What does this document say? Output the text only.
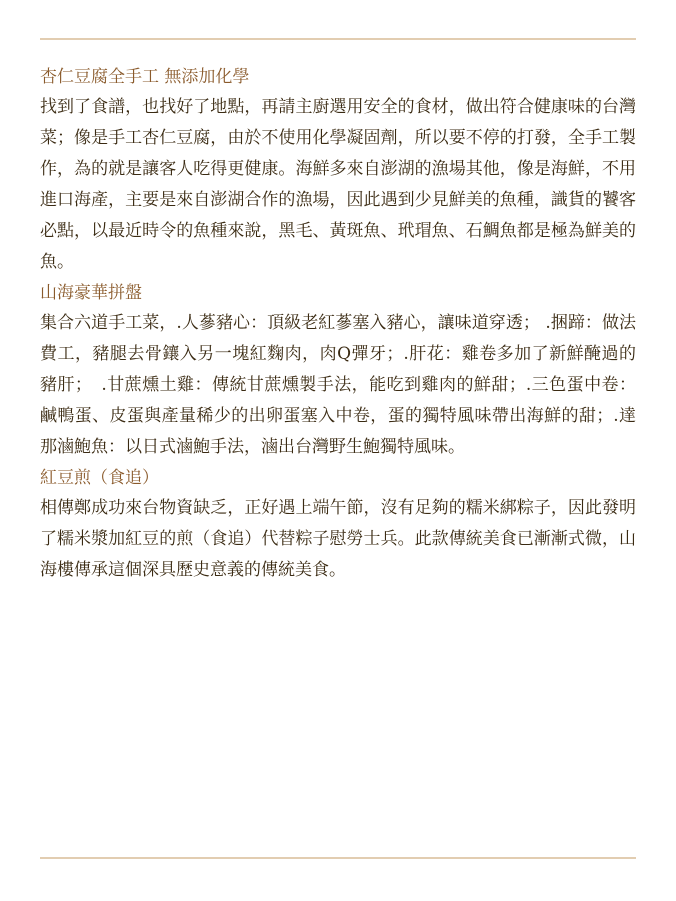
杏仁豆腐全手工 無添加化學

找到了食譜，也找好了地點，再請主廚選用安全的食材，做出符合健康味的台灣菜；像是手工杏仁豆腐，由於不使用化學凝固劑，所以要不停的打發，全手工製作，為的就是讓客人吃得更健康。海鮮多來自澎湖的漁場其他，像是海鮮，不用進口海產，主要是來自澎湖合作的漁場，因此遇到少見鮮美的魚種，識貨的饕客必點，以最近時令的魚種來說，黑毛、黃斑魚、玳瑁魚、石鯛魚都是極為鮮美的魚。

山海豪華拼盤

集合六道手工菜，.人蔘豬心：頂級老紅蔘塞入豬心，讓味道穿透； .捆蹄：做法費工，豬腿去骨鑲入另一塊紅麴肉，肉Q彈牙；.肝花：雞卷多加了新鮮醃過的豬肝；　.甘蔗燻土雞：傳統甘蔗燻製手法，能吃到雞肉的鮮甜；.三色蛋中卷：鹹鴨蛋、皮蛋與產量稀少的出卵蛋塞入中卷，蛋的獨特風味帶出海鮮的甜；.達那滷鮑魚：以日式滷鮑手法，滷出台灣野生鮑獨特風味。

紅豆煎（食追）

相傳鄭成功來台物資缺乏，正好遇上端午節，沒有足夠的糯米綁粽子，因此發明了糯米漿加紅豆的煎（食追）代替粽子慰勞士兵。此款傳統美食已漸漸式微，山海樓傳承這個深具歷史意義的傳統美食。
